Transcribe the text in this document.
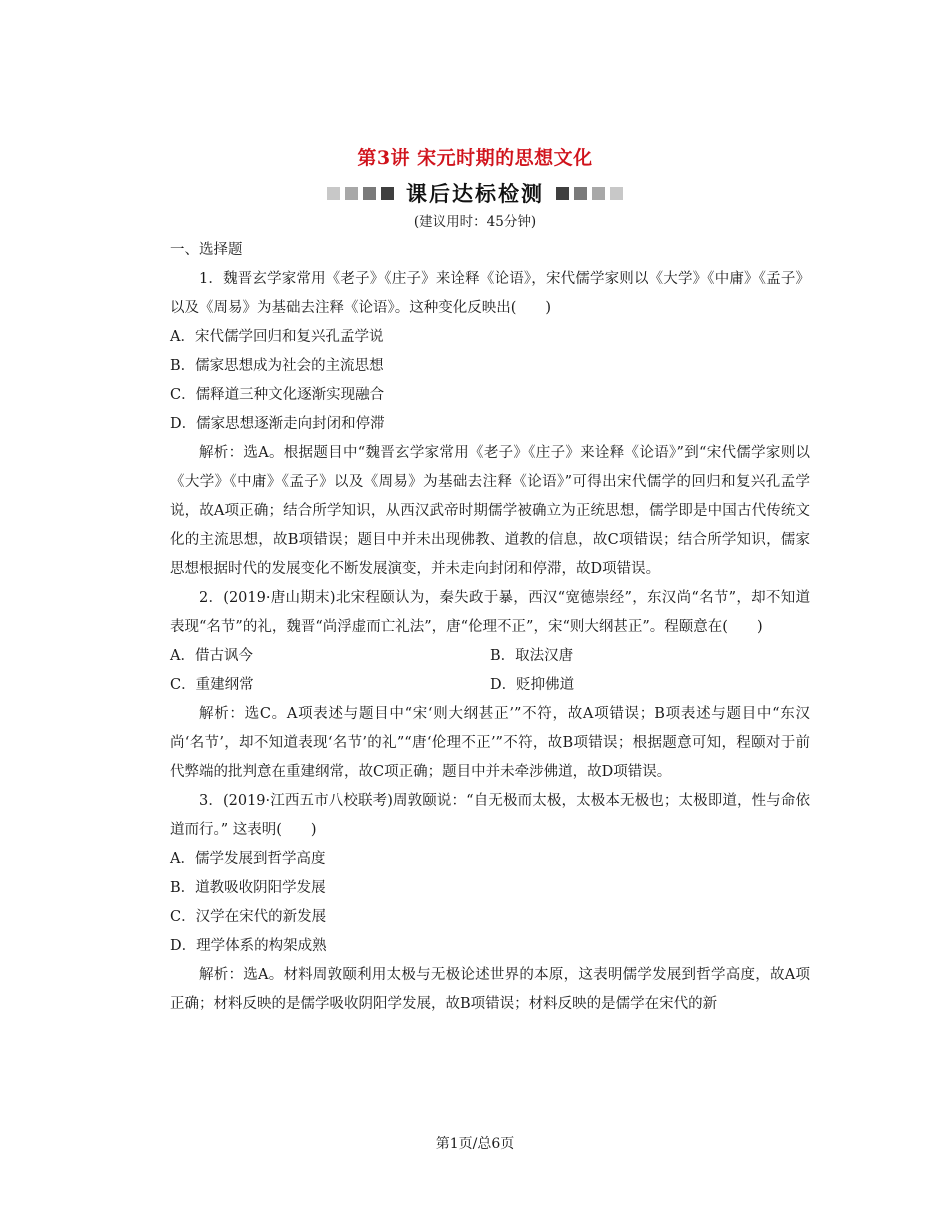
第3讲 宋元时期的思想文化
课后达标检测
(建议用时：45分钟)

一、选择题

1．魏晋玄学家常用《老子》《庄子》来诠释《论语》，宋代儒学家则以《大学》《中庸》《孟子》以及《周易》为基础去注释《论语》。这种变化反映出(　　)

A．宋代儒学回归和复兴孔孟学说

B．儒家思想成为社会的主流思想

C．儒释道三种文化逐渐实现融合

D．儒家思想逐渐走向封闭和停滞

解析：选A。根据题目中“魏晋玄学家常用《老子》《庄子》来诠释《论语》”到“宋代儒学家则以《大学》《中庸》《孟子》以及《周易》为基础去注释《论语》”可得出宋代儒学的回归和复兴孔孟学说，故A项正确；结合所学知识，从西汉武帝时期儒学被确立为正统思想，儒学即是中国古代传统文化的主流思想，故B项错误；题目中并未出现佛教、道教的信息，故C项错误；结合所学知识，儒家思想根据时代的发展变化不断发展演变，并未走向封闭和停滞，故D项错误。

2．(2019·唐山期末)北宋程颐认为，秦失政于暴，西汉“宽德崇经”，东汉尚“名节”，却不知道表现“名节”的礼，魏晋“尚浮虚而亡礼法”，唐“伦理不正”，宋“则大纲甚正”。程颐意在(　　)

A．借古讽今	B．取法汉唐

C．重建纲常	D．贬抑佛道

解析：选C。A项表述与题目中“宋‘则大纲甚正’”不符，故A项错误；B项表述与题目中“东汉尚‘名节’，却不知道表现‘名节’的礼”“唐‘伦理不正’”不符，故B项错误；根据题意可知，程颐对于前代弊端的批判意在重建纲常，故C项正确；题目中并未牵涉佛道，故D项错误。

3．(2019·江西五市八校联考)周敦颐说：“自无极而太极，太极本无极也；太极即道，性与命依道而行。” 这表明(　　)

A．儒学发展到哲学高度

B．道教吸收阴阳学发展

C．汉学在宋代的新发展

D．理学体系的构架成熟

解析：选A。材料周敦颐利用太极与无极论述世界的本原，这表明儒学发展到哲学高度，故A项正确；材料反映的是儒学吸收阴阳学发展，故B项错误；材料反映的是儒学在宋代的新

第1页/总6页
